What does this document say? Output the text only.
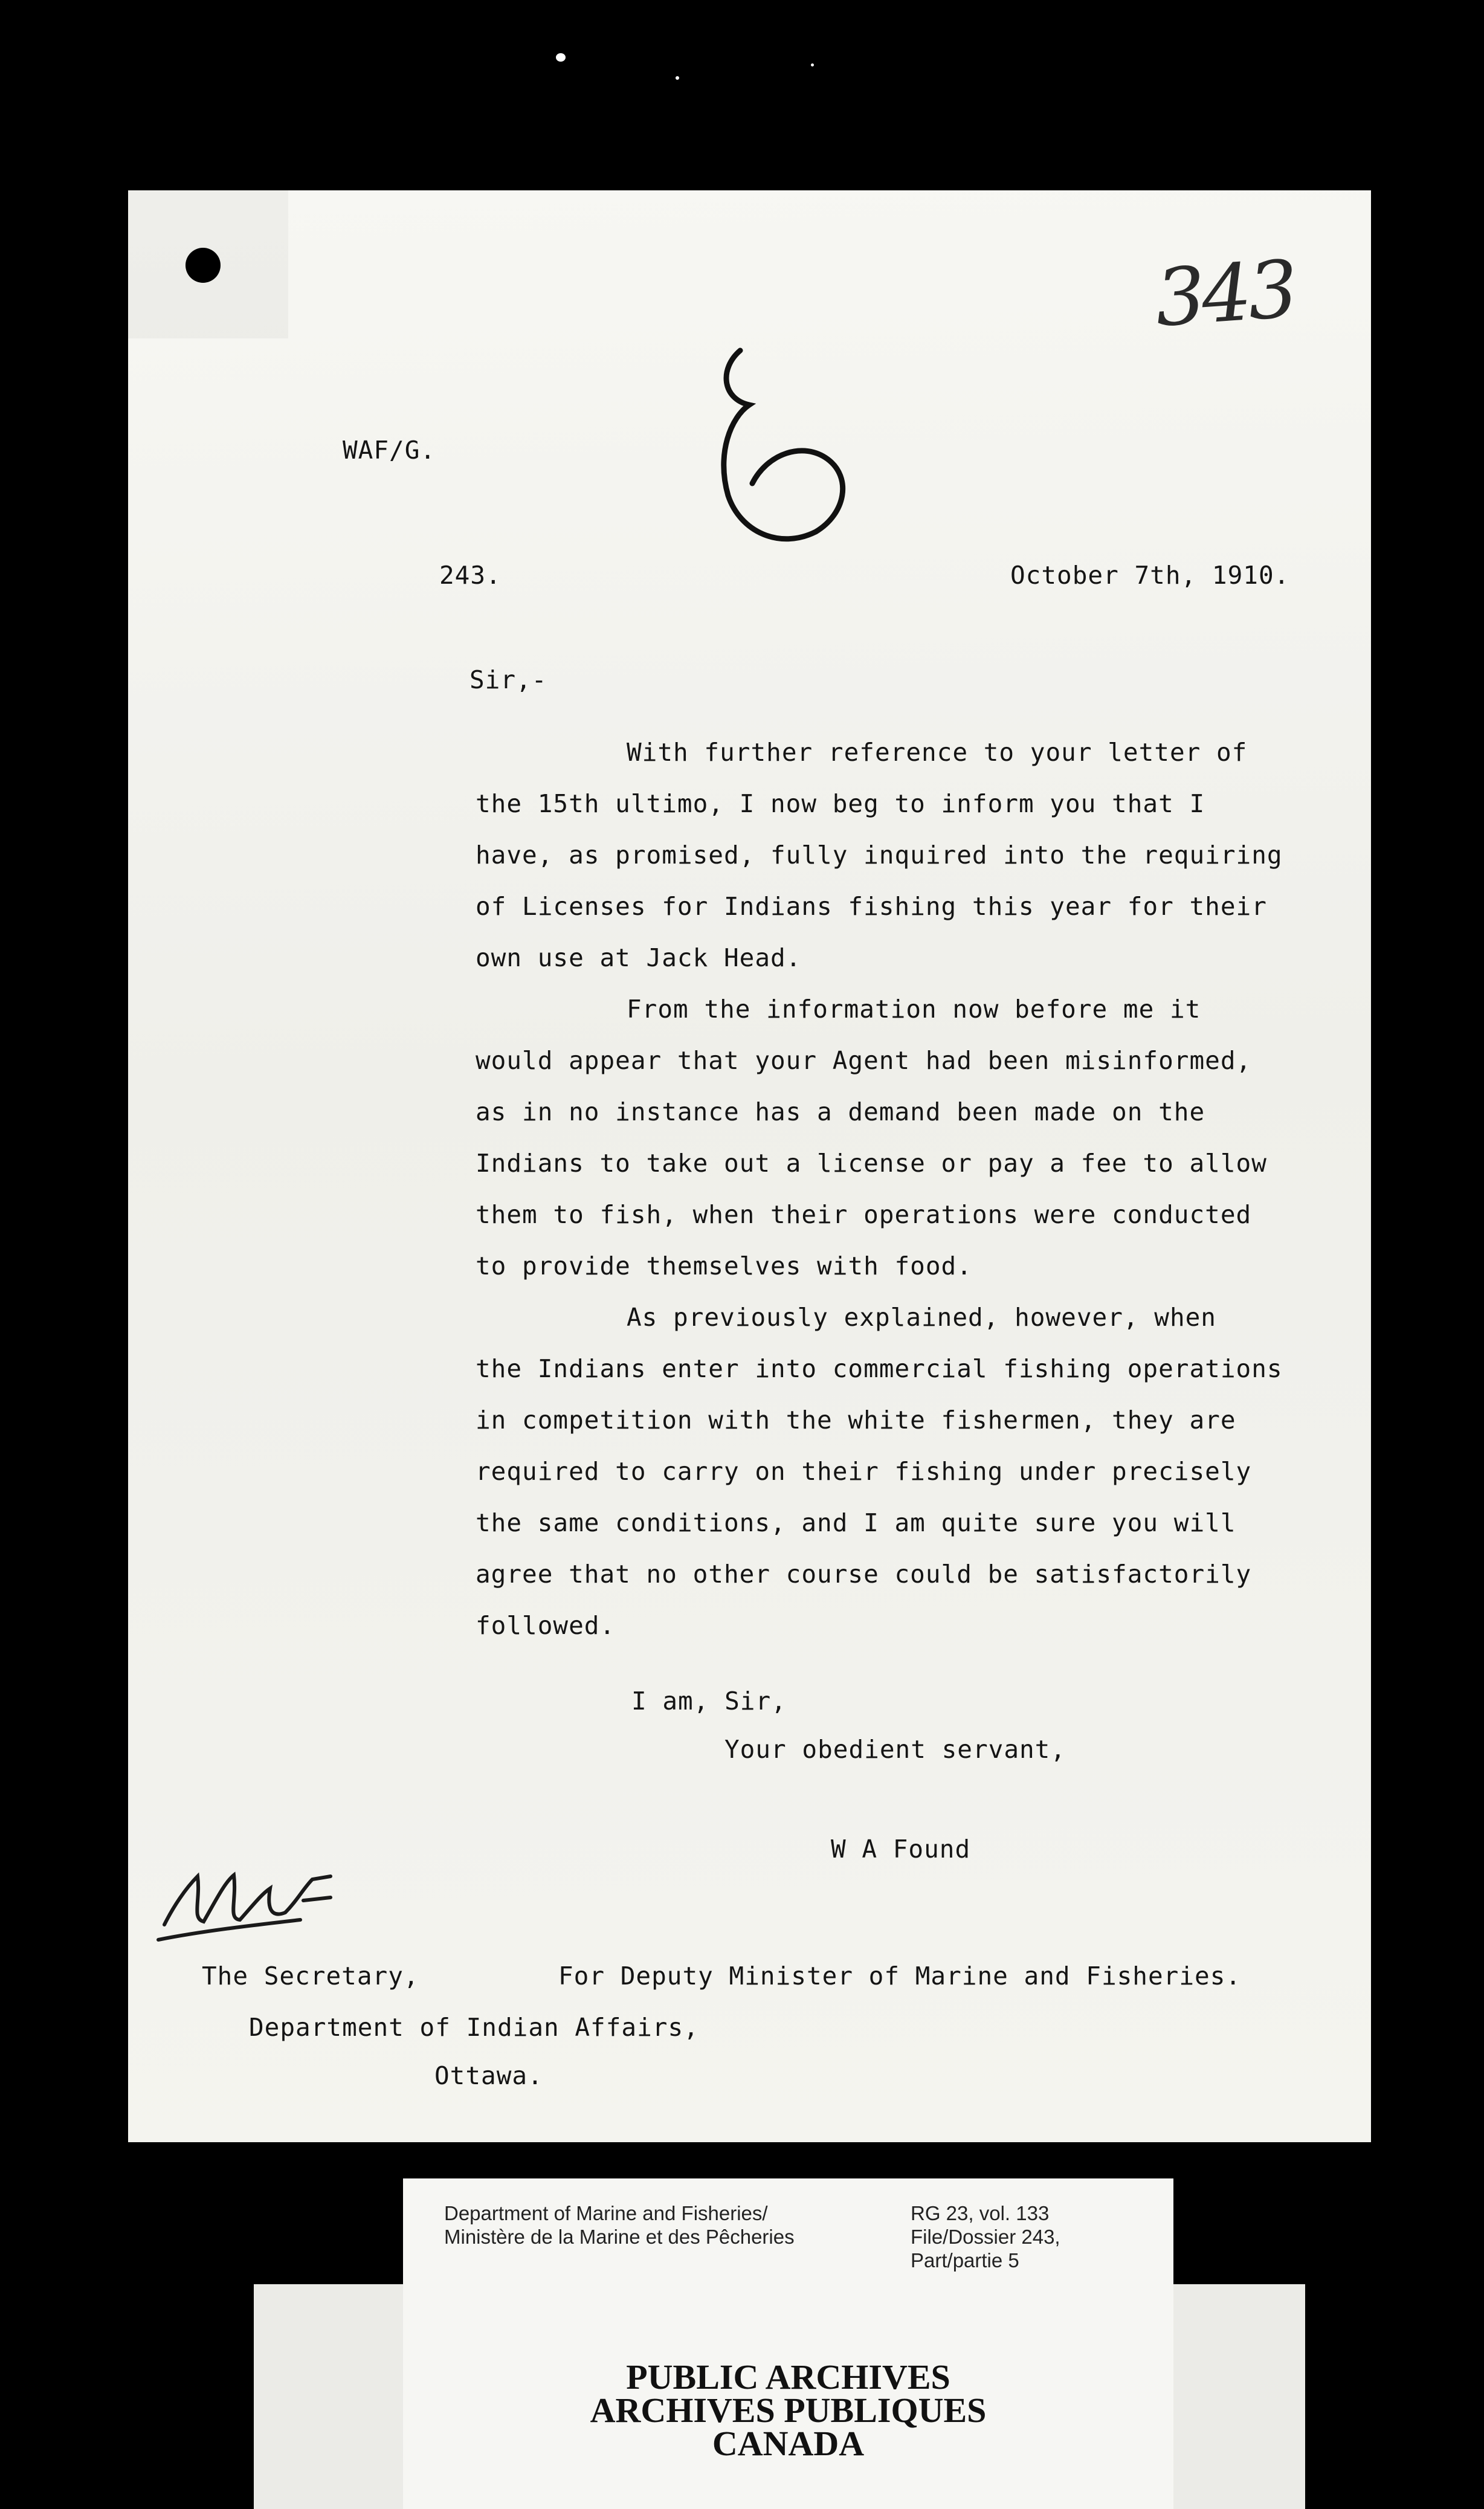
343
WAF/G.
243.	October 7th, 1910.
Sir,-
With further reference to your letter of
the 15th ultimo, I now beg to inform you that I
have, as promised, fully inquired into the requiring
of Licenses for Indians fishing this year for their
own use at Jack Head.
From the information now before me it
would appear that your Agent had been misinformed,
as in no instance has a demand been made on the
Indians to take out a license or pay a fee to allow
them to fish, when their operations were conducted
to provide themselves with food.
As previously explained, however, when
the Indians enter into commercial fishing operations
in competition with the white fishermen, they are
required to carry on their fishing under precisely
the same conditions, and I am quite sure you will
agree that no other course could be satisfactorily
followed.
I am, Sir,
Your obedient servant,
W A Found
The Secretary,	For Deputy Minister of Marine and Fisheries.
Department of Indian Affairs,
Ottawa.
Department of Marine and Fisheries/
Ministère de la Marine et des Pêcheries
RG 23, vol. 133
File/Dossier 243,
Part/partie 5
PUBLIC ARCHIVES
ARCHIVES PUBLIQUES
CANADA
